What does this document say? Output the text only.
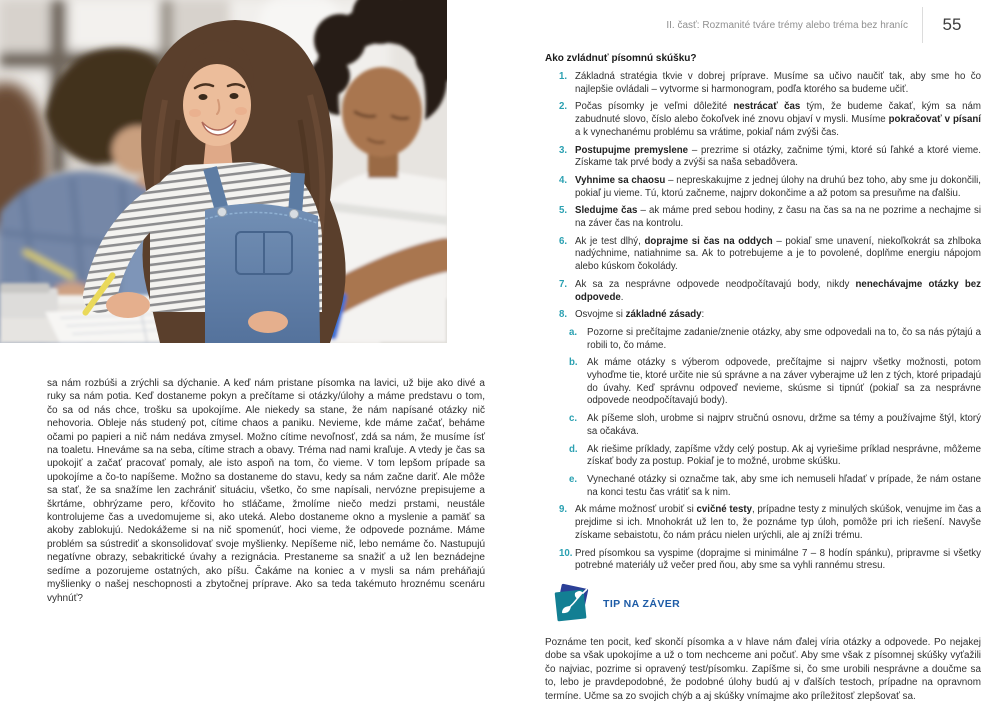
sa nám rozbúši a zrýchli sa dýchanie. A keď nám pristane písomka na lavici, už bije ako divé a ruky sa nám potia. Keď dostaneme pokyn a prečítame si otázky/úlohy a máme predstavu o tom, čo sa od nás chce, trošku sa upokojíme. Ale niekedy sa stane, že nám napísané otázky nič nehovoria. Obleje nás studený pot, cítime chaos a paniku. Nevieme, kde máme začať, beháme očami po papieri a nič nám nedáva zmysel. Možno cítime nevoľnosť, zdá sa nám, že musíme ísť na toaletu. Hneváme sa na seba, cítime strach a obavy. Tréma nad nami kraľuje. A vtedy je čas sa upokojiť a začať pracovať pomaly, ale isto aspoň na tom, čo vieme. V tom lepšom prípade sa upokojíme a čo-to napíšeme. Možno sa dostaneme do stavu, kedy sa nám začne dariť. Ale môže sa stať, že sa snažíme len zachrániť situáciu, všetko, čo sme napísali, nervózne prepisujeme a škrtáme, obhrýzame pero, kŕčovito ho stláčame, žmolíme niečo medzi prstami, neustále kontrolujeme čas a uvedomujeme si, ako uteká. Alebo dostaneme okno a myslenie a pamäť sa akoby zablokujú. Nedokážeme si na nič spomenúť, hoci vieme, že odpovede poznáme. Máme problém sa sústrediť a skonsolidovať svoje myšlienky. Nepíšeme nič, lebo nemáme čo. Nastupujú negatívne obrazy, sebakritické úvahy a rezignácia. Prestaneme sa snažiť a už len beznádejne sedíme a pozorujeme ostatných, ako píšu. Čakáme na koniec a v mysli sa nám preháňajú myšlienky o našej neschopnosti a zbytočnej príprave. Ako sa teda takémuto hroznému scenáru vyhnúť?

II. časť: Rozmanité tváre trémy alebo tréma bez hraníc	55
Ako zvládnuť písomnú skúšku?
1. Základná stratégia tkvie v dobrej príprave. Musíme sa učivo naučiť tak, aby sme ho čo najlepšie ovládali – vytvorme si harmonogram, podľa ktorého sa budeme učiť.
2. Počas písomky je veľmi dôležité nestrácať čas tým, že budeme čakať, kým sa nám zabudnuté slovo, číslo alebo čokoľvek iné znovu objaví v mysli. Musíme pokračovať v písaní a k vynechanému problému sa vrátime, pokiaľ nám zvýši čas.
3. Postupujme premyslene – prezrime si otázky, začnime tými, ktoré sú ľahké a ktoré vieme. Získame tak prvé body a zvýši sa naša sebadôvera.
4. Vyhnime sa chaosu – nepreskakujme z jednej úlohy na druhú bez toho, aby sme ju dokončili, pokiaľ ju vieme. Tú, ktorú začneme, najprv dokončime a až potom sa presuňme na ďalšiu.
5. Sledujme čas – ak máme pred sebou hodiny, z času na čas sa na ne pozrime a nechajme si na záver čas na kontrolu.
6. Ak je test dlhý, doprajme si čas na oddych – pokiaľ sme unavení, niekoľkokrát sa zhlboka nadýchnime, natiahnime sa. Ak to potrebujeme a je to povolené, doplňme energiu nápojom alebo kúskom čokolády.
7. Ak sa za nesprávne odpovede neodpočítavajú body, nikdy nenechávajme otázky bez odpovede.
8. Osvojme si základné zásady:
a.	Pozorne si prečítajme zadanie/znenie otázky, aby sme odpovedali na to, čo sa nás pýtajú a robili to, čo máme.
b. Ak máme otázky s výberom odpovede, prečítajme si najprv všetky možnosti, potom vyhoďme tie, ktoré určite nie sú správne a na záver vyberajme už len z tých, ktoré pripadajú do úvahy. Keď správnu odpoveď nevieme, skúsme si tipnúť (pokiaľ sa za nesprávne odpovede neodpočítavajú body).
c.	Ak píšeme sloh, urobme si najprv stručnú osnovu, držme sa témy a používajme štýl, ktorý sa očakáva.
d. Ak riešime príklady, zapíšme vždy celý postup. Ak aj vyriešime príklad nesprávne, môžeme získať body za postup. Pokiaľ je to možné, urobme skúšku.
e.	Vynechané otázky si označme tak, aby sme ich nemuseli hľadať v prípade, že nám ostane na konci testu čas vrátiť sa k nim.
9. Ak máme možnosť urobiť si cvičné testy, prípadne testy z minulých skúšok, venujme im čas a prejdime si ich. Mnohokrát už len to, že poznáme typ úloh, pomôže pri ich riešení. Navyše získame sebaistotu, čo nám prácu nielen urýchli, ale aj zníži trému.
10. Pred písomkou sa vyspime (doprajme si minimálne 7 – 8 hodín spánku), pripravme si všetky potrebné materiály už večer pred ňou, aby sme sa vyhli rannému stresu.
TIP NA ZÁVER

Poznáme ten pocit, keď skončí písomka a v hlave nám ďalej víria otázky a odpovede. Po nejakej dobe sa však upokojíme a už o tom nechceme ani počuť. Aby sme však z písomnej skúšky vyťažili čo najviac, pozrime si opravený test/písomku. Zapíšme si, čo sme urobili nesprávne a doučme sa to, lebo je pravdepodobné, že podobné úlohy budú aj v ďalších testoch, prípadne na opravnom termíne. Učme sa zo svojich chýb a aj skúšky vnímajme ako príležitosť zlepšovať sa.
